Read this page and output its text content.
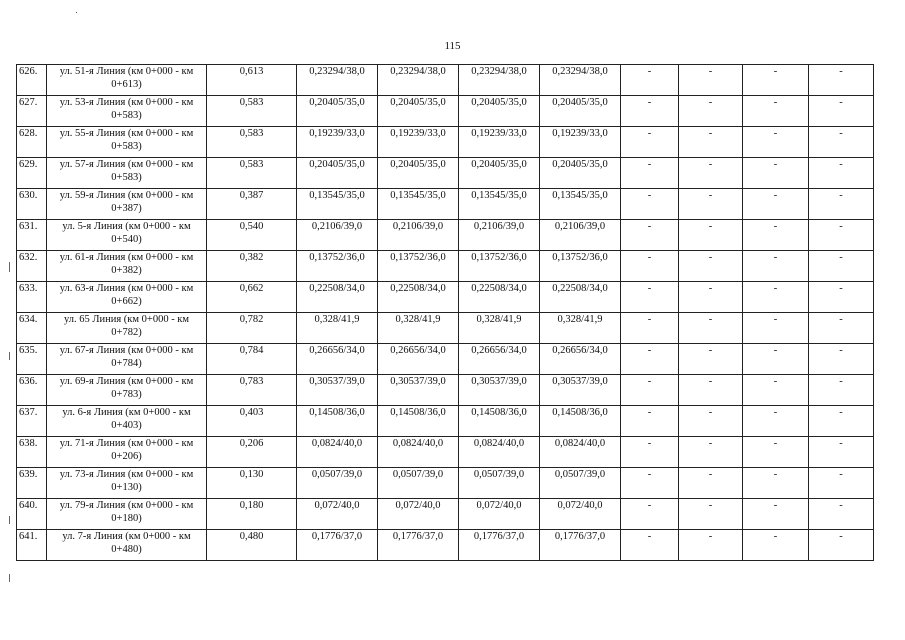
115
626.	ул. 51-я Линия (км 0+000 - км 0+613)	0,613	0,23294/38,0	0,23294/38,0	0,23294/38,0	0,23294/38,0	-	-	-	-
627.	ул. 53-я Линия (км 0+000 - км 0+583)	0,583	0,20405/35,0	0,20405/35,0	0,20405/35,0	0,20405/35,0	-	-	-	-
628.	ул. 55-я Линия (км 0+000 - км 0+583)	0,583	0,19239/33,0	0,19239/33,0	0,19239/33,0	0,19239/33,0	-	-	-	-
629.	ул. 57-я Линия (км 0+000 - км 0+583)	0,583	0,20405/35,0	0,20405/35,0	0,20405/35,0	0,20405/35,0	-	-	-	-
630.	ул. 59-я Линия (км 0+000 - км 0+387)	0,387	0,13545/35,0	0,13545/35,0	0,13545/35,0	0,13545/35,0	-	-	-	-
631.	ул. 5-я Линия (км 0+000 - км 0+540)	0,540	0,2106/39,0	0,2106/39,0	0,2106/39,0	0,2106/39,0	-	-	-	-
632.	ул. 61-я Линия (км 0+000 - км 0+382)	0,382	0,13752/36,0	0,13752/36,0	0,13752/36,0	0,13752/36,0	-	-	-	-
633.	ул. 63-я Линия (км 0+000 - км 0+662)	0,662	0,22508/34,0	0,22508/34,0	0,22508/34,0	0,22508/34,0	-	-	-	-
634.	ул. 65 Линия (км 0+000 - км 0+782)	0,782	0,328/41,9	0,328/41,9	0,328/41,9	0,328/41,9	-	-	-	-
635.	ул. 67-я Линия (км 0+000 - км 0+784)	0,784	0,26656/34,0	0,26656/34,0	0,26656/34,0	0,26656/34,0	-	-	-	-
636.	ул. 69-я Линия (км 0+000 - км 0+783)	0,783	0,30537/39,0	0,30537/39,0	0,30537/39,0	0,30537/39,0	-	-	-	-
637.	ул. 6-я Линия (км 0+000 - км 0+403)	0,403	0,14508/36,0	0,14508/36,0	0,14508/36,0	0,14508/36,0	-	-	-	-
638.	ул. 71-я Линия (км 0+000 - км 0+206)	0,206	0,0824/40,0	0,0824/40,0	0,0824/40,0	0,0824/40,0	-	-	-	-
639.	ул. 73-я Линия (км 0+000 - км 0+130)	0,130	0,0507/39,0	0,0507/39,0	0,0507/39,0	0,0507/39,0	-	-	-	-
640.	ул. 79-я Линия (км 0+000 - км 0+180)	0,180	0,072/40,0	0,072/40,0	0,072/40,0	0,072/40,0	-	-	-	-
641.	ул. 7-я Линия (км 0+000 - км 0+480)	0,480	0,1776/37,0	0,1776/37,0	0,1776/37,0	0,1776/37,0	-	-	-	-
